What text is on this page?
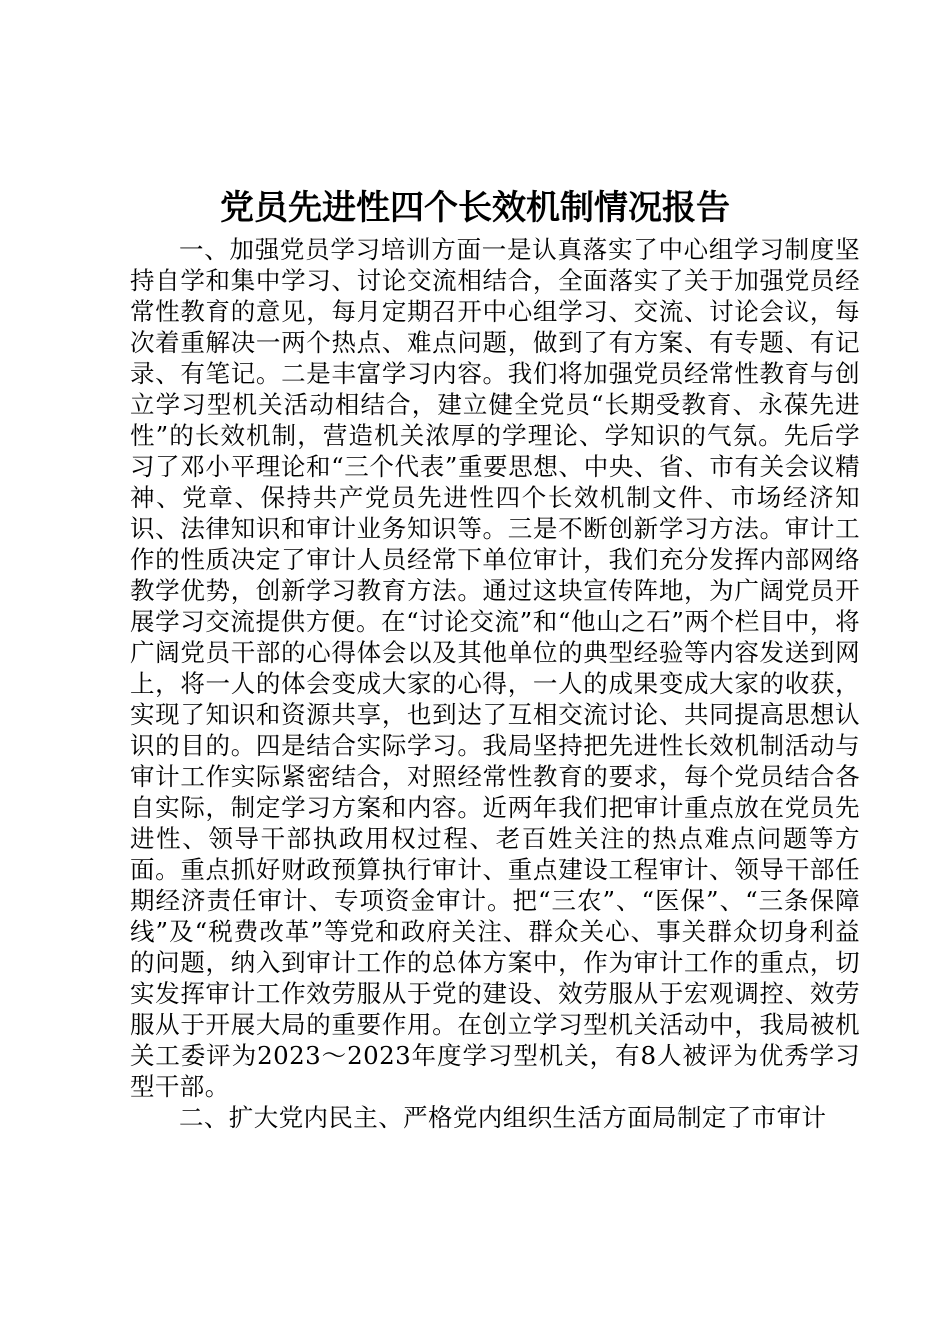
党员先进性四个长效机制情况报告

一、加强党员学习培训方面一是认真落实了中心组学习制度坚持自学和集中学习、讨论交流相结合，全面落实了关于加强党员经常性教育的意见，每月定期召开中心组学习、交流、讨论会议，每次着重解决一两个热点、难点问题，做到了有方案、有专题、有记录、有笔记。二是丰富学习内容。我们将加强党员经常性教育与创立学习型机关活动相结合，建立健全党员“长期受教育、永葆先进性”的长效机制，营造机关浓厚的学理论、学知识的气氛。先后学习了邓小平理论和“三个代表”重要思想、中央、省、市有关会议精神、党章、保持共产党员先进性四个长效机制文件、市场经济知识、法律知识和审计业务知识等。三是不断创新学习方法。审计工作的性质决定了审计人员经常下单位审计，我们充分发挥内部网络教学优势，创新学习教育方法。通过这块宣传阵地，为广阔党员开展学习交流提供方便。在“讨论交流”和“他山之石”两个栏目中，将广阔党员干部的心得体会以及其他单位的典型经验等内容发送到网上，将一人的体会变成大家的心得，一人的成果变成大家的收获，实现了知识和资源共享，也到达了互相交流讨论、共同提高思想认识的目的。四是结合实际学习。我局坚持把先进性长效机制活动与审计工作实际紧密结合，对照经常性教育的要求，每个党员结合各自实际，制定学习方案和内容。近两年我们把审计重点放在党员先进性、领导干部执政用权过程、老百姓关注的热点难点问题等方面。重点抓好财政预算执行审计、重点建设工程审计、领导干部任期经济责任审计、专项资金审计。把“三农”、“医保”、“三条保障线”及“税费改革”等党和政府关注、群众关心、事关群众切身利益的问题，纳入到审计工作的总体方案中，作为审计工作的重点，切实发挥审计工作效劳服从于党的建设、效劳服从于宏观调控、效劳服从于开展大局的重要作用。在创立学习型机关活动中，我局被机关工委评为2023～2023年度学习型机关，有8人被评为优秀学习型干部。

二、扩大党内民主、严格党内组织生活方面局制定了市审计
